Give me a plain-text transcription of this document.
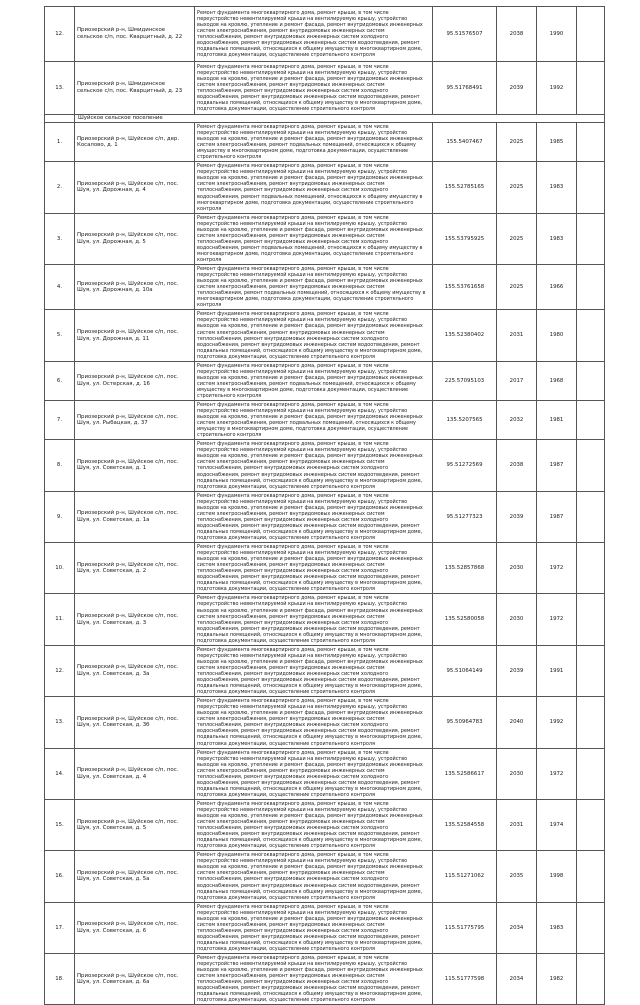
12.	Приозерский р-н, Шмидинское сельское с/п, пос. Кварцитный, д. 22	Ремонт фундамента многоквартирного дома, ремонт крыши, в том числе переустройство невентилируемой крыши на вентилируемую крышу, устройство выходов на кровлю, утепление и ремонт фасада, ремонт внутридомовых инженерных систем электроснабжения, ремонт внутридомовых инженерных систем теплоснабжения, ремонт внутридомовых инженерных систем холодного водоснабжения, ремонт внутридомовых инженерных систем водоотведения, ремонт подвальных помещений, относящихся к общему имуществу в многоквартирном доме, подготовка документации, осуществление строительного контроля	95.51576507	2038	1990	
13.	Приозерский р-н, Шмидинское сельское с/п, пос. Кварцитный, д. 23	Ремонт фундамента многоквартирного дома, ремонт крыши, в том числе переустройство невентилируемой крыши на вентилируемую крышу, устройство выходов на кровлю, утепление и ремонт фасада, ремонт внутридомовых инженерных систем электроснабжения, ремонт внутридомовых инженерных систем теплоснабжения, ремонт внутридомовых инженерных систем холодного водоснабжения, ремонт внутридомовых инженерных систем водоотведения, ремонт подвальных помещений, относящихся к общему имуществу в многоквартирном доме, подготовка документации, осуществление строительного контроля	95.51768491	2039	1992	
	Шуйское сельское поселение					
1.	Приозерский р-н, Шуйское с/п, дер. Косалово, д. 1	Ремонт фундамента многоквартирного дома, ремонт крыши, в том числе переустройство невентилируемой крыши на вентилируемую крышу, устройство выходов на кровлю, утепление и ремонт фасада, ремонт внутридомовых инженерных систем электроснабжения, ремонт подвальных помещений, относящихся к общему имуществу в многоквартирном доме, подготовка документации, осуществление строительного контроля	155.5407467	2025	1985	
2.	Приозерский р-н, Шуйское с/п, пос. Шуя, ул. Дорожная, д. 4	Ремонт фундамента многоквартирного дома, ремонт крыши, в том числе переустройство невентилируемой крыши на вентилируемую крышу, устройство выходов на кровлю, утепление и ремонт фасада, ремонт внутридомовых инженерных систем электроснабжения, ремонт внутридомовых инженерных систем теплоснабжения, ремонт внутридомовых инженерных систем холодного водоснабжения, ремонт подвальных помещений, относящихся к общему имуществу в многоквартирном доме, подготовка документации, осуществление строительного контроля	155.52785165	2025	1983	
3.	Приозерский р-н, Шуйское с/п, пос. Шуя, ул. Дорожная, д. 5	Ремонт фундамента многоквартирного дома, ремонт крыши, в том числе переустройство невентилируемой крыши на вентилируемую крышу, устройство выходов на кровлю, утепление и ремонт фасада, ремонт внутридомовых инженерных систем электроснабжения, ремонт внутридомовых инженерных систем теплоснабжения, ремонт внутридомовых инженерных систем холодного водоснабжения, ремонт подвальных помещений, относящихся к общему имуществу в многоквартирном доме, подготовка документации, осуществление строительного контроля	155.53795925	2025	1983	
4.	Приозерский р-н, Шуйское с/п, пос. Шуя, ул. Дорожная, д. 10а	Ремонт фундамента многоквартирного дома, ремонт крыши, в том числе переустройство невентилируемой крыши на вентилируемую крышу, устройство выходов на кровлю, утепление и ремонт фасада, ремонт внутридомовых инженерных систем электроснабжения, ремонт внутридомовых инженерных систем теплоснабжения, ремонт подвальных помещений, относящихся к общему имуществу в многоквартирном доме, подготовка документации, осуществление строительного контроля	155.53761658	2025	1966	
5.	Приозерский р-н, Шуйское с/п, пос. Шуя, ул. Дорожная, д. 11	Ремонт фундамента многоквартирного дома, ремонт крыши, в том числе переустройство невентилируемой крыши на вентилируемую крышу, устройство выходов на кровлю, утепление и ремонт фасада, ремонт внутридомовых инженерных систем электроснабжения, ремонт внутридомовых инженерных систем теплоснабжения, ремонт внутридомовых инженерных систем холодного водоснабжения, ремонт внутридомовых инженерных систем водоотведения, ремонт подвальных помещений, относящихся к общему имуществу в многоквартирном доме, подготовка документации, осуществление строительного контроля	135.52380402	2031	1980	
6.	Приозерский р-н, Шуйское с/п, пос. Шуя, ул. Остерская, д. 16	Ремонт фундамента многоквартирного дома, ремонт крыши, в том числе переустройство невентилируемой крыши на вентилируемую крышу, устройство выходов на кровлю, утепление и ремонт фасада, ремонт внутридомовых инженерных систем электроснабжения, ремонт подвальных помещений, относящихся к общему имуществу в многоквартирном доме, подготовка документации, осуществление строительного контроля	225.57095103	2017	1968	
7.	Приозерский р-н, Шуйское с/п, пос. Шуя, ул. Рыбацкая, д. 37	Ремонт фундамента многоквартирного дома, ремонт крыши, в том числе переустройство невентилируемой крыши на вентилируемую крышу, устройство выходов на кровлю, утепление и ремонт фасада, ремонт внутридомовых инженерных систем электроснабжения, ремонт подвальных помещений, относящихся к общему имуществу в многоквартирном доме, подготовка документации, осуществление строительного контроля	135.5207565	2032	1981	
8.	Приозерский р-н, Шуйское с/п, пос. Шуя, ул. Советская, д. 1	Ремонт фундамента многоквартирного дома, ремонт крыши, в том числе переустройство невентилируемой крыши на вентилируемую крышу, устройство выходов на кровлю, утепление и ремонт фасада, ремонт внутридомовых инженерных систем электроснабжения, ремонт внутридомовых инженерных систем теплоснабжения, ремонт внутридомовых инженерных систем холодного водоснабжения, ремонт внутридомовых инженерных систем водоотведения, ремонт подвальных помещений, относящихся к общему имуществу в многоквартирном доме, подготовка документации, осуществление строительного контроля	95.51272569	2038	1987	
9.	Приозерский р-н, Шуйское с/п, пос. Шуя, ул. Советская, д. 1а	Ремонт фундамента многоквартирного дома, ремонт крыши, в том числе переустройство невентилируемой крыши на вентилируемую крышу, устройство выходов на кровлю, утепление и ремонт фасада, ремонт внутридомовых инженерных систем электроснабжения, ремонт внутридомовых инженерных систем теплоснабжения, ремонт внутридомовых инженерных систем холодного водоснабжения, ремонт внутридомовых инженерных систем водоотведения, ремонт подвальных помещений, относящихся к общему имуществу в многоквартирном доме, подготовка документации, осуществление строительного контроля	95.51277323	2039	1987	
10.	Приозерский р-н, Шуйское с/п, пос. Шуя, ул. Советская, д. 2	Ремонт фундамента многоквартирного дома, ремонт крыши, в том числе переустройство невентилируемой крыши на вентилируемую крышу, устройство выходов на кровлю, утепление и ремонт фасада, ремонт внутридомовых инженерных систем электроснабжения, ремонт внутридомовых инженерных систем теплоснабжения, ремонт внутридомовых инженерных систем холодного водоснабжения, ремонт внутридомовых инженерных систем водоотведения, ремонт подвальных помещений, относящихся к общему имуществу в многоквартирном доме, подготовка документации, осуществление строительного контроля	135.52857868	2030	1972	
11.	Приозерский р-н, Шуйское с/п, пос. Шуя, ул. Советская, д. 3	Ремонт фундамента многоквартирного дома, ремонт крыши, в том числе переустройство невентилируемой крыши на вентилируемую крышу, устройство выходов на кровлю, утепление и ремонт фасада, ремонт внутридомовых инженерных систем электроснабжения, ремонт внутридомовых инженерных систем теплоснабжения, ремонт внутридомовых инженерных систем холодного водоснабжения, ремонт внутридомовых инженерных систем водоотведения, ремонт подвальных помещений, относящихся к общему имуществу в многоквартирном доме, подготовка документации, осуществление строительного контроля	135.52580058	2030	1972	
12.	Приозерский р-н, Шуйское с/п, пос. Шуя, ул. Советская, д. 3а	Ремонт фундамента многоквартирного дома, ремонт крыши, в том числе переустройство невентилируемой крыши на вентилируемую крышу, устройство выходов на кровлю, утепление и ремонт фасада, ремонт внутридомовых инженерных систем электроснабжения, ремонт внутридомовых инженерных систем теплоснабжения, ремонт внутридомовых инженерных систем холодного водоснабжения, ремонт внутридомовых инженерных систем водоотведения, ремонт подвальных помещений, относящихся к общему имуществу в многоквартирном доме, подготовка документации, осуществление строительного контроля	95.51064149	2039	1991	
13.	Приозерский р-н, Шуйское с/п, пос. Шуя, ул. Советская, д. 3б	Ремонт фундамента многоквартирного дома, ремонт крыши, в том числе переустройство невентилируемой крыши на вентилируемую крышу, устройство выходов на кровлю, утепление и ремонт фасада, ремонт внутридомовых инженерных систем электроснабжения, ремонт внутридомовых инженерных систем теплоснабжения, ремонт внутридомовых инженерных систем холодного водоснабжения, ремонт внутридомовых инженерных систем водоотведения, ремонт подвальных помещений, относящихся к общему имуществу в многоквартирном доме, подготовка документации, осуществление строительного контроля	95.50964783	2040	1992	
14.	Приозерский р-н, Шуйское с/п, пос. Шуя, ул. Советская, д. 4	Ремонт фундамента многоквартирного дома, ремонт крыши, в том числе переустройство невентилируемой крыши на вентилируемую крышу, устройство выходов на кровлю, утепление и ремонт фасада, ремонт внутридомовых инженерных систем электроснабжения, ремонт внутридомовых инженерных систем теплоснабжения, ремонт внутридомовых инженерных систем холодного водоснабжения, ремонт внутридомовых инженерных систем водоотведения, ремонт подвальных помещений, относящихся к общему имуществу в многоквартирном доме, подготовка документации, осуществление строительного контроля	135.52586617	2030	1972	
15.	Приозерский р-н, Шуйское с/п, пос. Шуя, ул. Советская, д. 5	Ремонт фундамента многоквартирного дома, ремонт крыши, в том числе переустройство невентилируемой крыши на вентилируемую крышу, устройство выходов на кровлю, утепление и ремонт фасада, ремонт внутридомовых инженерных систем электроснабжения, ремонт внутридомовых инженерных систем теплоснабжения, ремонт внутридомовых инженерных систем холодного водоснабжения, ремонт внутридомовых инженерных систем водоотведения, ремонт подвальных помещений, относящихся к общему имуществу в многоквартирном доме, подготовка документации, осуществление строительного контроля	135.52584558	2031	1974	
16.	Приозерский р-н, Шуйское с/п, пос. Шуя, ул. Советская, д. 5а	Ремонт фундамента многоквартирного дома, ремонт крыши, в том числе переустройство невентилируемой крыши на вентилируемую крышу, устройство выходов на кровлю, утепление и ремонт фасада, ремонт внутридомовых инженерных систем электроснабжения, ремонт внутридомовых инженерных систем теплоснабжения, ремонт внутридомовых инженерных систем холодного водоснабжения, ремонт внутридомовых инженерных систем водоотведения, ремонт подвальных помещений, относящихся к общему имуществу в многоквартирном доме, подготовка документации, осуществление строительного контроля	115.51271062	2035	1998	
17.	Приозерский р-н, Шуйское с/п, пос. Шуя, ул. Советская, д. 6	Ремонт фундамента многоквартирного дома, ремонт крыши, в том числе переустройство невентилируемой крыши на вентилируемую крышу, устройство выходов на кровлю, утепление и ремонт фасада, ремонт внутридомовых инженерных систем электроснабжения, ремонт внутридомовых инженерных систем теплоснабжения, ремонт внутридомовых инженерных систем холодного водоснабжения, ремонт внутридомовых инженерных систем водоотведения, ремонт подвальных помещений, относящихся к общему имуществу в многоквартирном доме, подготовка документации, осуществление строительного контроля	115.51775795	2034	1983	
18.	Приозерский р-н, Шуйское с/п, пос. Шуя, ул. Советская, д. 6а	Ремонт фундамента многоквартирного дома, ремонт крыши, в том числе переустройство невентилируемой крыши на вентилируемую крышу, устройство выходов на кровлю, утепление и ремонт фасада, ремонт внутридомовых инженерных систем электроснабжения, ремонт внутридомовых инженерных систем теплоснабжения, ремонт внутридомовых инженерных систем холодного водоснабжения, ремонт внутридомовых инженерных систем водоотведения, ремонт подвальных помещений, относящихся к общему имуществу в многоквартирном доме, подготовка документации, осуществление строительного контроля	115.51777598	2034	1982	
